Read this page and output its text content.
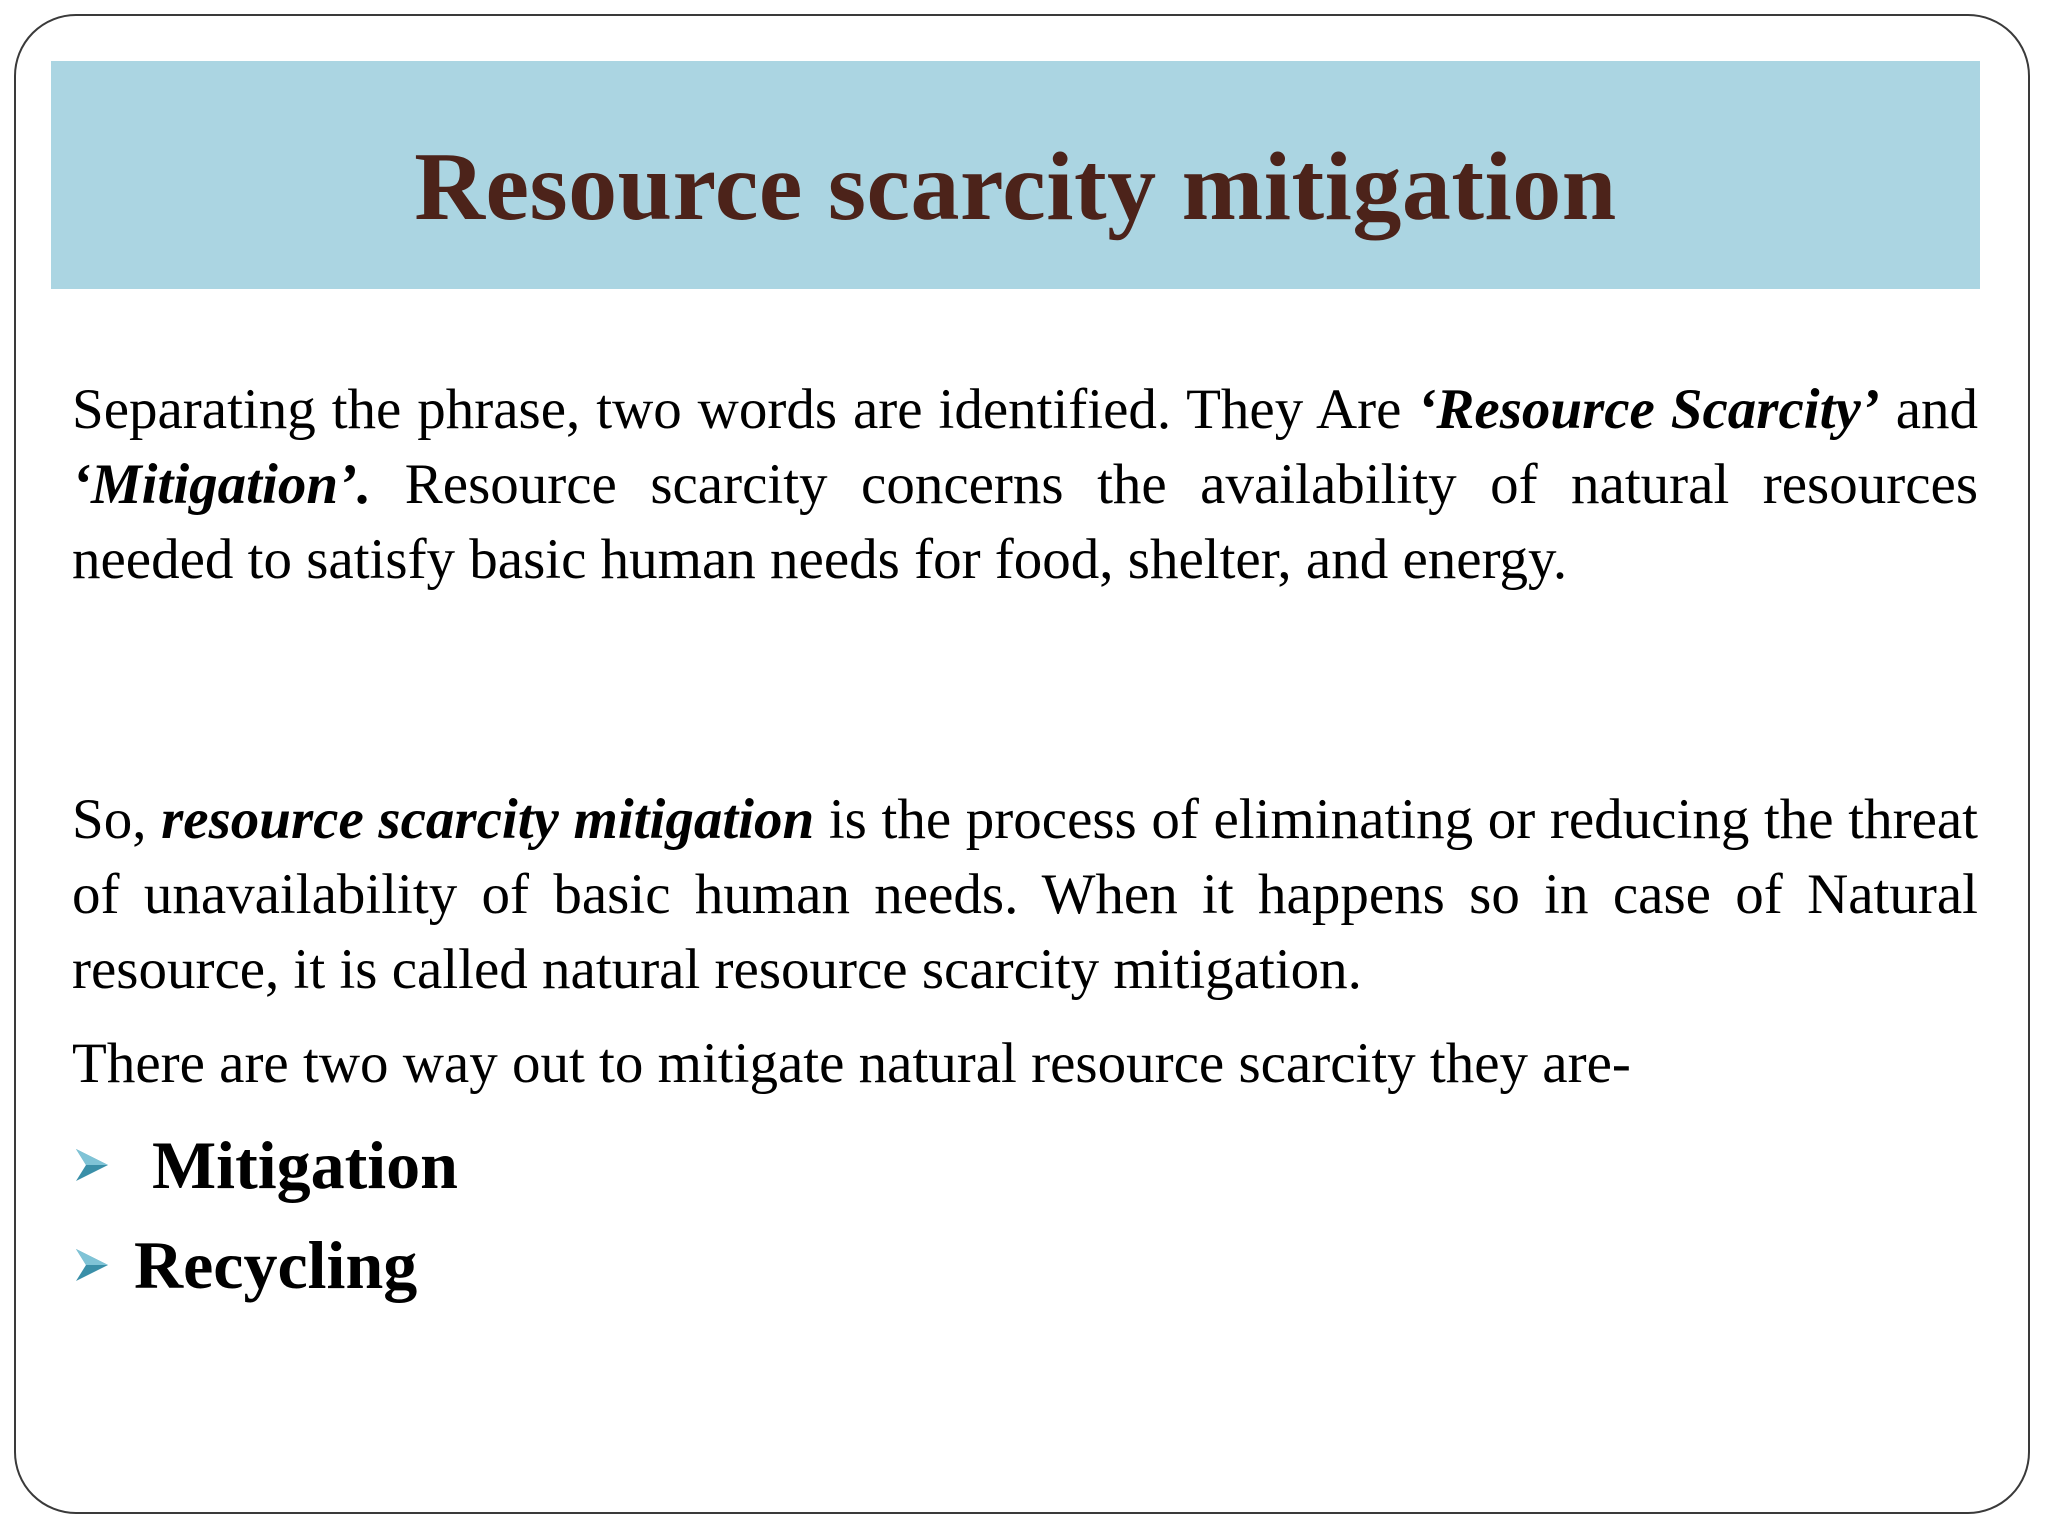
Resource scarcity mitigation

Separating the phrase, two words are identified. They Are ‘Resource Scarcity’ and ‘Mitigation’. Resource scarcity concerns the availability of natural resources needed to satisfy basic human needs for food, shelter, and energy.

So, resource scarcity mitigation is the process of eliminating or reducing the threat of unavailability of basic human needs. When it happens so in case of Natural resource, it is called natural resource scarcity mitigation.

There are two way out to mitigate natural resource scarcity they are-

Mitigation
Recycling
